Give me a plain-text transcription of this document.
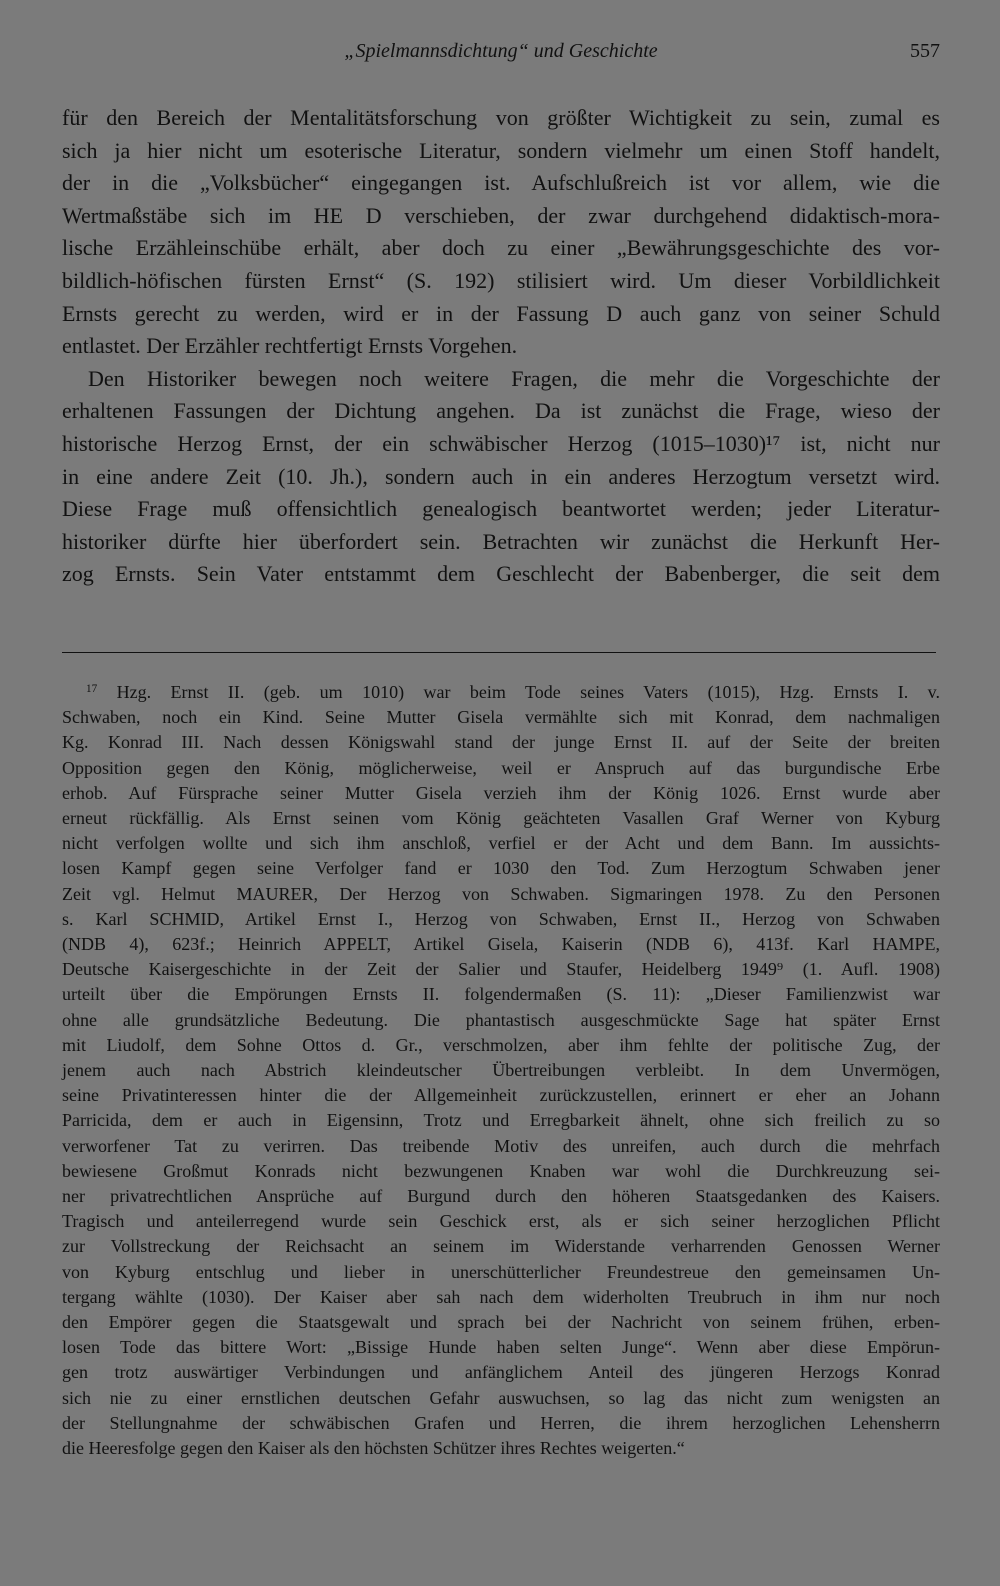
„Spielmannsdichtung“ und Geschichte	557
für den Bereich der Mentalitätsforschung von größter Wichtigkeit zu sein, zumal es
sich ja hier nicht um esoterische Literatur, sondern vielmehr um einen Stoff handelt,
der in die „Volksbücher“ eingegangen ist. Aufschlußreich ist vor allem, wie die
Wertmaßstäbe sich im HE D verschieben, der zwar durchgehend didaktisch-mora-
lische Erzähleinschübe erhält, aber doch zu einer „Bewährungsgeschichte des vor-
bildlich-höfischen fürsten Ernst“ (S. 192) stilisiert wird. Um dieser Vorbildlichkeit
Ernsts gerecht zu werden, wird er in der Fassung D auch ganz von seiner Schuld
entlastet. Der Erzähler rechtfertigt Ernsts Vorgehen.
Den Historiker bewegen noch weitere Fragen, die mehr die Vorgeschichte der
erhaltenen Fassungen der Dichtung angehen. Da ist zunächst die Frage, wieso der
historische Herzog Ernst, der ein schwäbischer Herzog (1015–1030)¹⁷ ist, nicht nur
in eine andere Zeit (10. Jh.), sondern auch in ein anderes Herzogtum versetzt wird.
Diese Frage muß offensichtlich genealogisch beantwortet werden; jeder Literatur-
historiker dürfte hier überfordert sein. Betrachten wir zunächst die Herkunft Her-
zog Ernsts. Sein Vater entstammt dem Geschlecht der Babenberger, die seit dem
$^{17}$ Hzg. Ernst II. (geb. um 1010) war beim Tode seines Vaters (1015), Hzg. Ernsts I. v.
Schwaben, noch ein Kind. Seine Mutter Gisela vermählte sich mit Konrad, dem nachmaligen
Kg. Konrad III. Nach dessen Königswahl stand der junge Ernst II. auf der Seite der breiten
Opposition gegen den König, möglicherweise, weil er Anspruch auf das burgundische Erbe
erhob. Auf Fürsprache seiner Mutter Gisela verzieh ihm der König 1026. Ernst wurde aber
erneut rückfällig. Als Ernst seinen vom König geächteten Vasallen Graf Werner von Kyburg
nicht verfolgen wollte und sich ihm anschloß, verfiel er der Acht und dem Bann. Im aussichts-
losen Kampf gegen seine Verfolger fand er 1030 den Tod. Zum Herzogtum Schwaben jener
Zeit vgl. Helmut MAURER, Der Herzog von Schwaben. Sigmaringen 1978. Zu den Personen
s. Karl SCHMID, Artikel Ernst I., Herzog von Schwaben, Ernst II., Herzog von Schwaben
(NDB 4), 623f.; Heinrich APPELT, Artikel Gisela, Kaiserin (NDB 6), 413f. Karl HAMPE,
Deutsche Kaisergeschichte in der Zeit der Salier und Staufer, Heidelberg 1949⁹ (1. Aufl. 1908)
urteilt über die Empörungen Ernsts II. folgendermaßen (S. 11): „Dieser Familienzwist war
ohne alle grundsätzliche Bedeutung. Die phantastisch ausgeschmückte Sage hat später Ernst
mit Liudolf, dem Sohne Ottos d. Gr., verschmolzen, aber ihm fehlte der politische Zug, der
jenem auch nach Abstrich kleindeutscher Übertreibungen verbleibt. In dem Unvermögen,
seine Privatinteressen hinter die der Allgemeinheit zurückzustellen, erinnert er eher an Johann
Parricida, dem er auch in Eigensinn, Trotz und Erregbarkeit ähnelt, ohne sich freilich zu so
verworfener Tat zu verirren. Das treibende Motiv des unreifen, auch durch die mehrfach
bewiesene Großmut Konrads nicht bezwungenen Knaben war wohl die Durchkreuzung sei-
ner privatrechtlichen Ansprüche auf Burgund durch den höheren Staatsgedanken des Kaisers.
Tragisch und anteilerregend wurde sein Geschick erst, als er sich seiner herzoglichen Pflicht
zur Vollstreckung der Reichsacht an seinem im Widerstande verharrenden Genossen Werner
von Kyburg entschlug und lieber in unerschütterlicher Freundestreue den gemeinsamen Un-
tergang wählte (1030). Der Kaiser aber sah nach dem widerholten Treubruch in ihm nur noch
den Empörer gegen die Staatsgewalt und sprach bei der Nachricht von seinem frühen, erben-
losen Tode das bittere Wort: „Bissige Hunde haben selten Junge“. Wenn aber diese Empörun-
gen trotz auswärtiger Verbindungen und anfänglichem Anteil des jüngeren Herzogs Konrad
sich nie zu einer ernstlichen deutschen Gefahr auswuchsen, so lag das nicht zum wenigsten an
der Stellungnahme der schwäbischen Grafen und Herren, die ihrem herzoglichen Lehensherrn
die Heeresfolge gegen den Kaiser als den höchsten Schützer ihres Rechtes weigerten.“
